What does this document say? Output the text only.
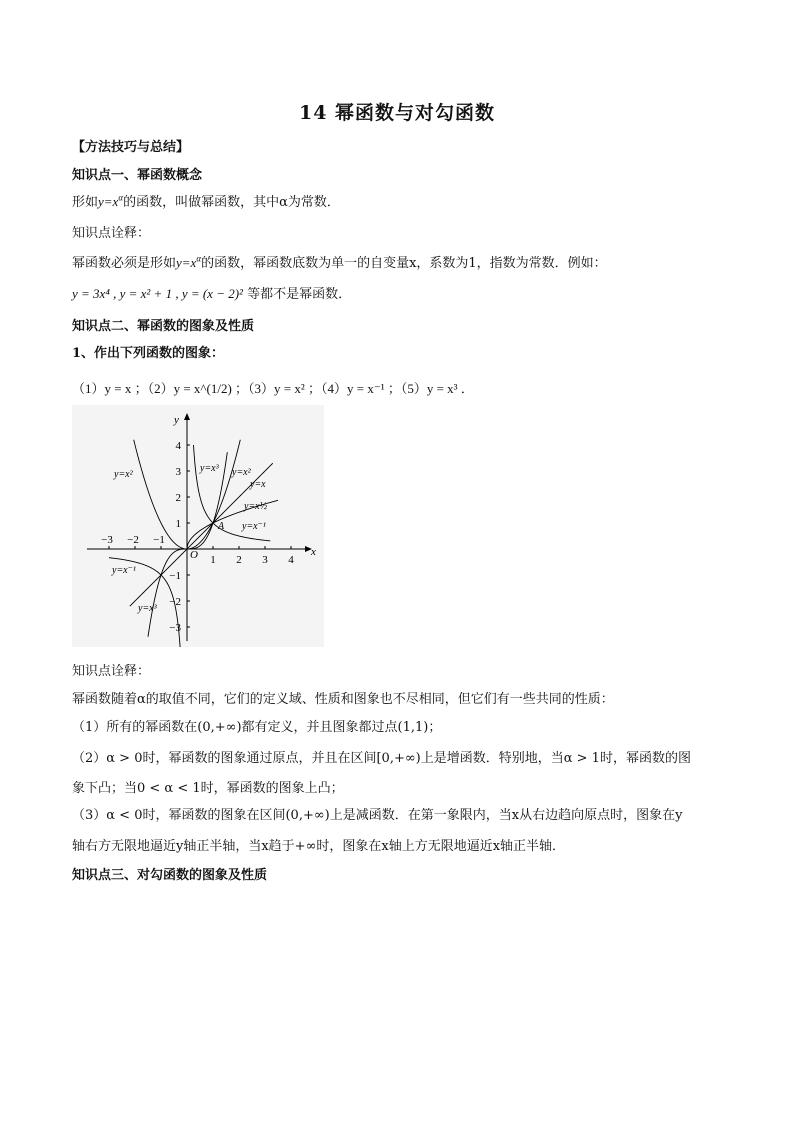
14 幂函数与对勾函数
【方法技巧与总结】
知识点一、幂函数概念
形如$y=x^\alpha$的函数，叫做幂函数，其中α为常数．
知识点诠释：
幂函数必须是形如$y=x^\alpha$的函数，幂函数底数为单一的自变量x，系数为1，指数为常数．例如：
y = 3x⁴ , y = x² + 1 , y = (x − 2)² 等都不是幂函数．
知识点二、幂函数的图象及性质
1、作出下列函数的图象：
（1）y = x ；（2）y = x^(1/2) ；（3）y = x² ；（4）y = x⁻¹ ；（5）y = x³ ．
−3 −2 −1
1 2 3 4
4
3
2
1
−1
−2
−3
y=x²
y=x³ y=x²
y=x
y=x½
y=x⁻¹
y=x⁻¹
y=x³
x
y
O
A
知识点诠释：
幂函数随着α的取值不同，它们的定义域、性质和图象也不尽相同，但它们有一些共同的性质：
（1）所有的幂函数在(0,+∞)都有定义，并且图象都过点(1,1)；
（2）α > 0时，幂函数的图象通过原点，并且在区间[0,+∞)上是增函数．特别地，当α > 1时，幂函数的图
象下凸；当0 < α < 1时，幂函数的图象上凸；
（3）α < 0时，幂函数的图象在区间(0,+∞)上是减函数．在第一象限内，当x从右边趋向原点时，图象在y
轴右方无限地逼近y轴正半轴，当x趋于+∞时，图象在x轴上方无限地逼近x轴正半轴．
知识点三、对勾函数的图象及性质
